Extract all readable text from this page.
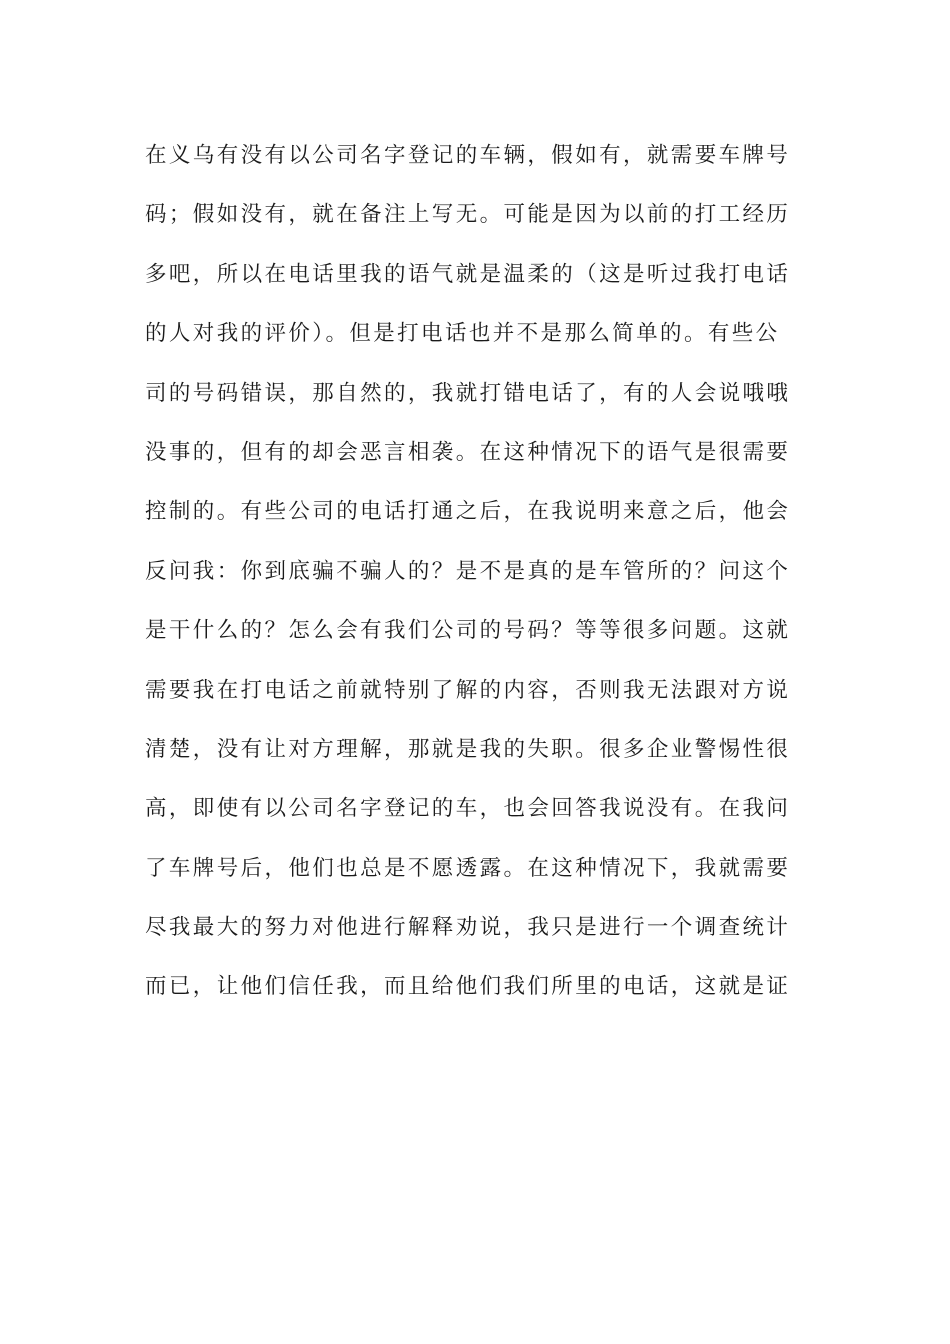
在义乌有没有以公司名字登记的车辆，假如有，就需要车牌号
码；假如没有，就在备注上写无。可能是因为以前的打工经历
多吧，所以在电话里我的语气就是温柔的（这是听过我打电话
的人对我的评价）。但是打电话也并不是那么简单的。有些公
司的号码错误，那自然的，我就打错电话了，有的人会说哦哦
没事的，但有的却会恶言相袭。在这种情况下的语气是很需要
控制的。有些公司的电话打通之后，在我说明来意之后，他会
反问我：你到底骗不骗人的？是不是真的是车管所的？问这个
是干什么的？怎么会有我们公司的号码？等等很多问题。这就
需要我在打电话之前就特别了解的内容，否则我无法跟对方说
清楚，没有让对方理解，那就是我的失职。很多企业警惕性很
高，即使有以公司名字登记的车，也会回答我说没有。在我问
了车牌号后，他们也总是不愿透露。在这种情况下，我就需要
尽我最大的努力对他进行解释劝说，我只是进行一个调查统计
而已，让他们信任我，而且给他们我们所里的电话，这就是证
